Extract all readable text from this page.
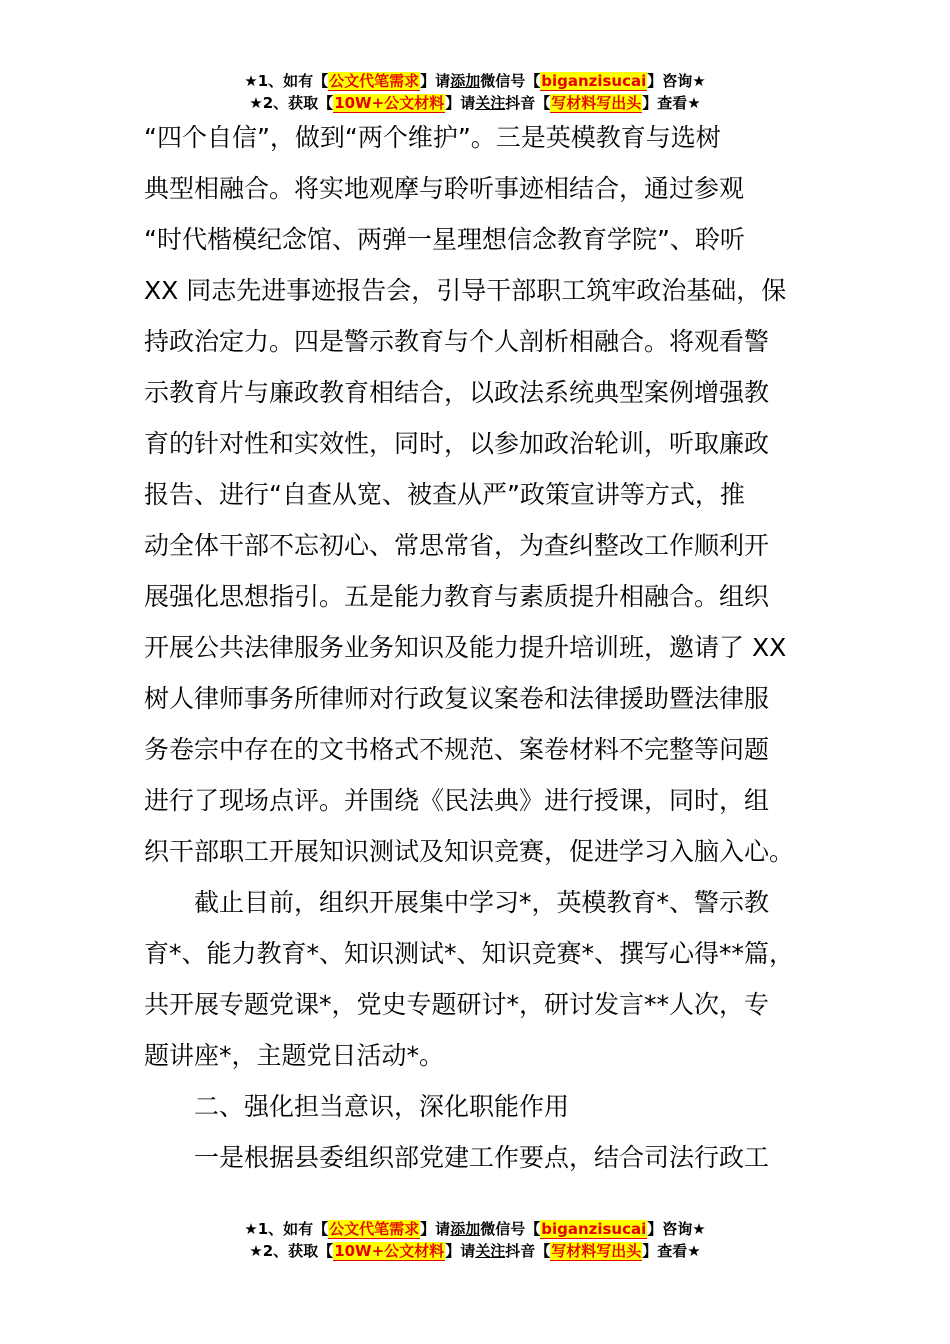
★1、如有【公文代笔需求】请添加微信号【biganzisucai】咨询★
★2、获取【10W+公文材料】请关注抖音【写材料写出头】查看★
“四个自信”，做到“两个维护”。三是英模教育与选树
典型相融合。将实地观摩与聆听事迹相结合，通过参观
“时代楷模纪念馆、两弹一星理想信念教育学院”、聆听
XX 同志先进事迹报告会，引导干部职工筑牢政治基础，保
持政治定力。四是警示教育与个人剖析相融合。将观看警
示教育片与廉政教育相结合，以政法系统典型案例增强教
育的针对性和实效性，同时，以参加政治轮训，听取廉政
报告、进行“自查从宽、被查从严”政策宣讲等方式，推
动全体干部不忘初心、常思常省，为查纠整改工作顺利开
展强化思想指引。五是能力教育与素质提升相融合。组织
开展公共法律服务业务知识及能力提升培训班，邀请了 XX
树人律师事务所律师对行政复议案卷和法律援助暨法律服
务卷宗中存在的文书格式不规范、案卷材料不完整等问题
进行了现场点评。并围绕《民法典》进行授课，同时，组
织干部职工开展知识测试及知识竞赛，促进学习入脑入心。
　　截止目前，组织开展集中学习*，英模教育*、警示教
育*、能力教育*、知识测试*、知识竞赛*、撰写心得**篇，
共开展专题党课*，党史专题研讨*，研讨发言**人次，专
题讲座*，主题党日活动*。
　　二、强化担当意识，深化职能作用
　　一是根据县委组织部党建工作要点，结合司法行政工
★1、如有【公文代笔需求】请添加微信号【biganzisucai】咨询★
★2、获取【10W+公文材料】请关注抖音【写材料写出头】查看★
